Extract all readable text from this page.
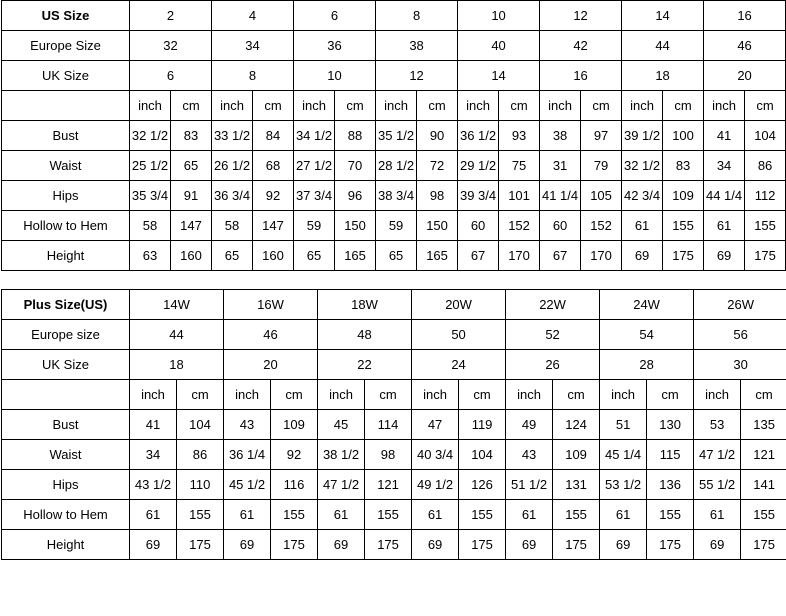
US Size	2		4		6		8		10		12		14		16	
Europe Size	32		34		36		38		40		42		44		46	
UK Size	6		8		10		12		14		16		18		20	
	inch	cm	inch	cm	inch	cm	inch	cm	inch	cm	inch	cm	inch	cm	inch	cm
Bust	32 1/2	83	33 1/2	84	34 1/2	88	35 1/2	90	36 1/2	93	38	97	39 1/2	100	41	104
Waist	25 1/2	65	26 1/2	68	27 1/2	70	28 1/2	72	29 1/2	75	31	79	32 1/2	83	34	86
Hips	35 3/4	91	36 3/4	92	37 3/4	96	38 3/4	98	39 3/4	101	41 1/4	105	42 3/4	109	44 1/4	112
Hollow to Hem	58	147	58	147	59	150	59	150	60	152	60	152	61	155	61	155
Height	63	160	65	160	65	165	65	165	67	170	67	170	69	175	69	175
Plus Size(US)	14W		16W		18W		20W		22W		24W		26W	
Europe size	44		46		48		50		52		54		56	
UK Size	18		20		22		24		26		28		30	
	inch	cm	inch	cm	inch	cm	inch	cm	inch	cm	inch	cm	inch	cm
Bust	41	104	43	109	45	114	47	119	49	124	51	130	53	135
Waist	34	86	36 1/4	92	38 1/2	98	40 3/4	104	43	109	45 1/4	115	47 1/2	121
Hips	43 1/2	110	45 1/2	116	47 1/2	121	49 1/2	126	51 1/2	131	53 1/2	136	55 1/2	141
Hollow to Hem	61	155	61	155	61	155	61	155	61	155	61	155	61	155
Height	69	175	69	175	69	175	69	175	69	175	69	175	69	175
